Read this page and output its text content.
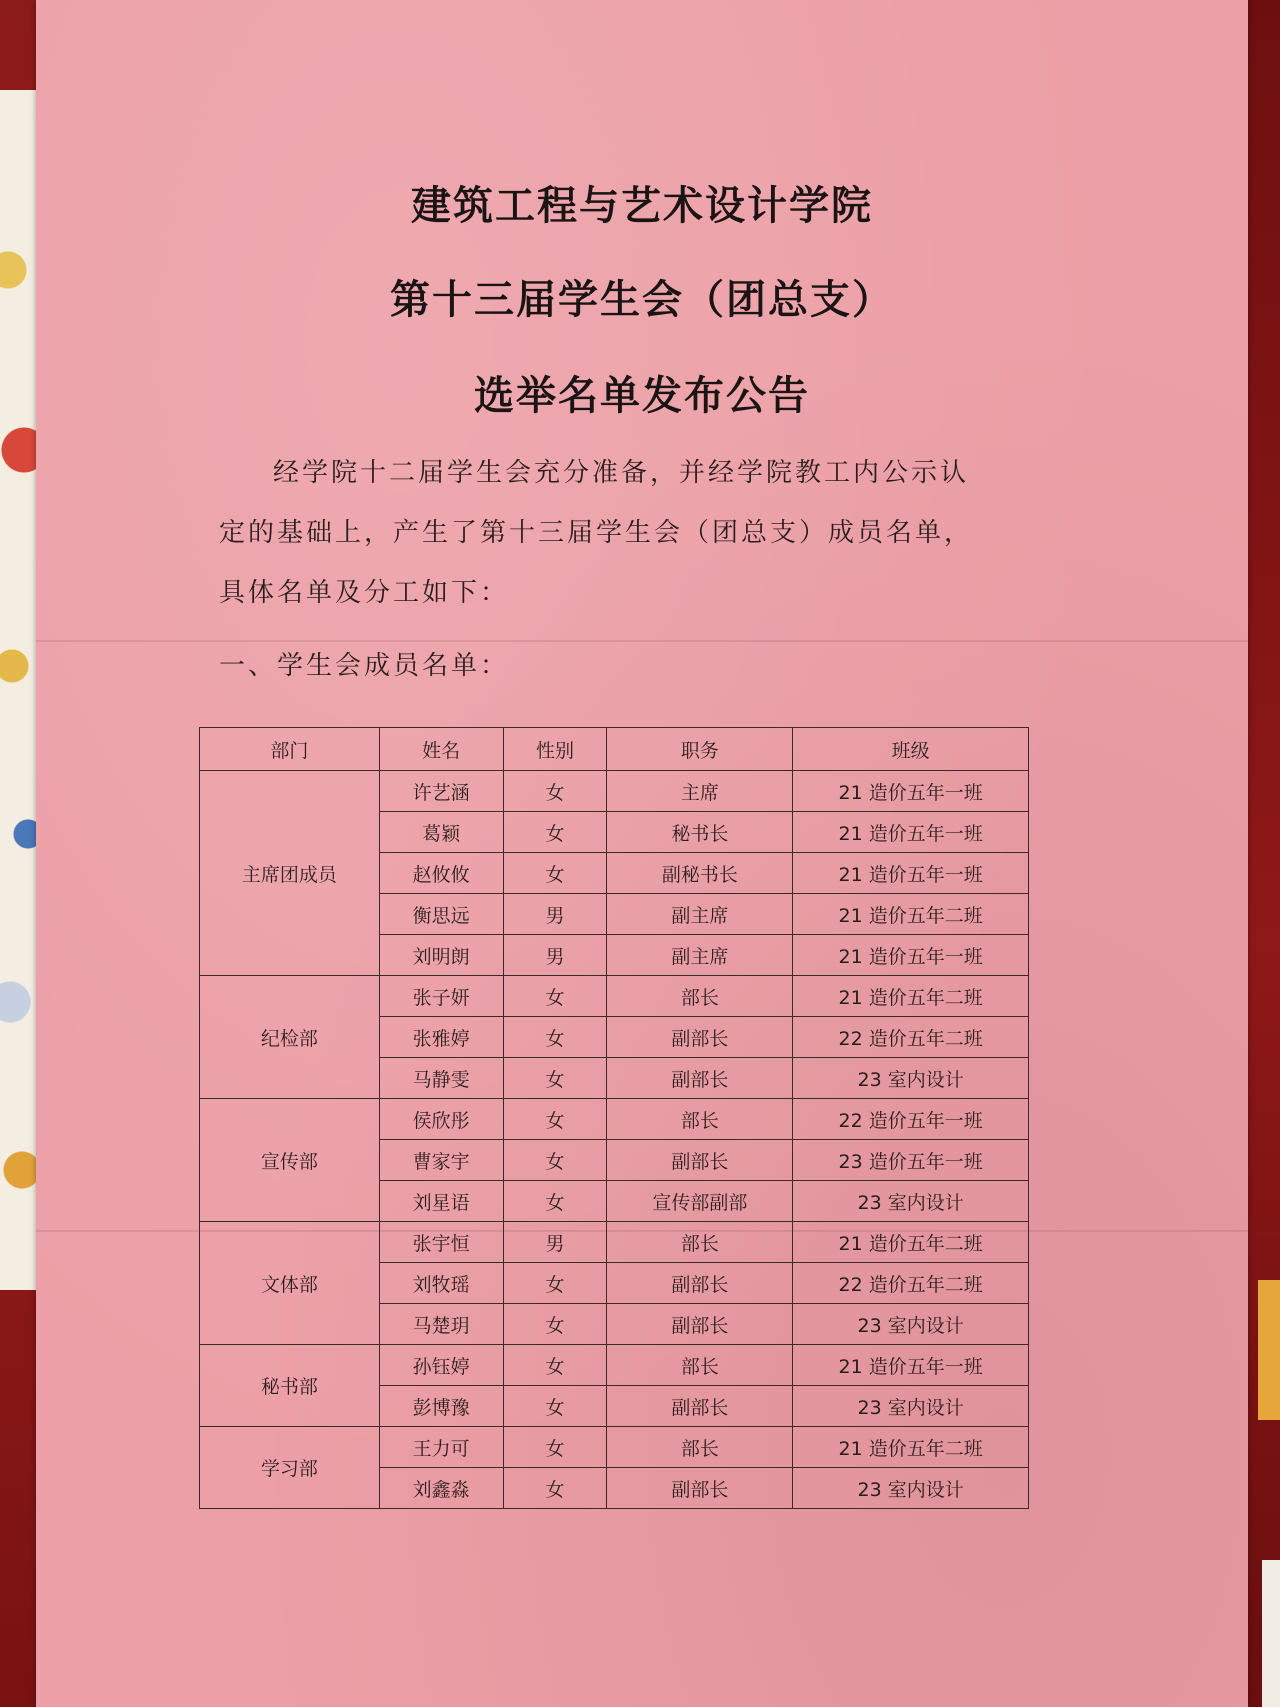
建筑工程与艺术设计学院
第十三届学生会（团总支）
选举名单发布公告
经学院十二届学生会充分准备，并经学院教工内公示认
定的基础上，产生了第十三届学生会（团总支）成员名单，
具体名单及分工如下：
一、学生会成员名单：
部门	姓名	性别	职务	班级
主席团成员	许艺涵	女	主席	21 造价五年一班
	葛颖	女	秘书长	21 造价五年一班
	赵攸攸	女	副秘书长	21 造价五年一班
	衡思远	男	副主席	21 造价五年二班
	刘明朗	男	副主席	21 造价五年一班
纪检部	张子妍	女	部长	21 造价五年二班
	张雅婷	女	副部长	22 造价五年二班
	马静雯	女	副部长	23 室内设计
宣传部	侯欣彤	女	部长	22 造价五年一班
	曹家宇	女	副部长	23 造价五年一班
	刘星语	女	宣传部副部	23 室内设计
文体部	张宇恒	男	部长	21 造价五年二班
	刘牧瑶	女	副部长	22 造价五年二班
	马楚玥	女	副部长	23 室内设计
秘书部	孙钰婷	女	部长	21 造价五年一班
	彭博豫	女	副部长	23 室内设计
学习部	王力可	女	部长	21 造价五年二班
	刘鑫淼	女	副部长	23 室内设计
